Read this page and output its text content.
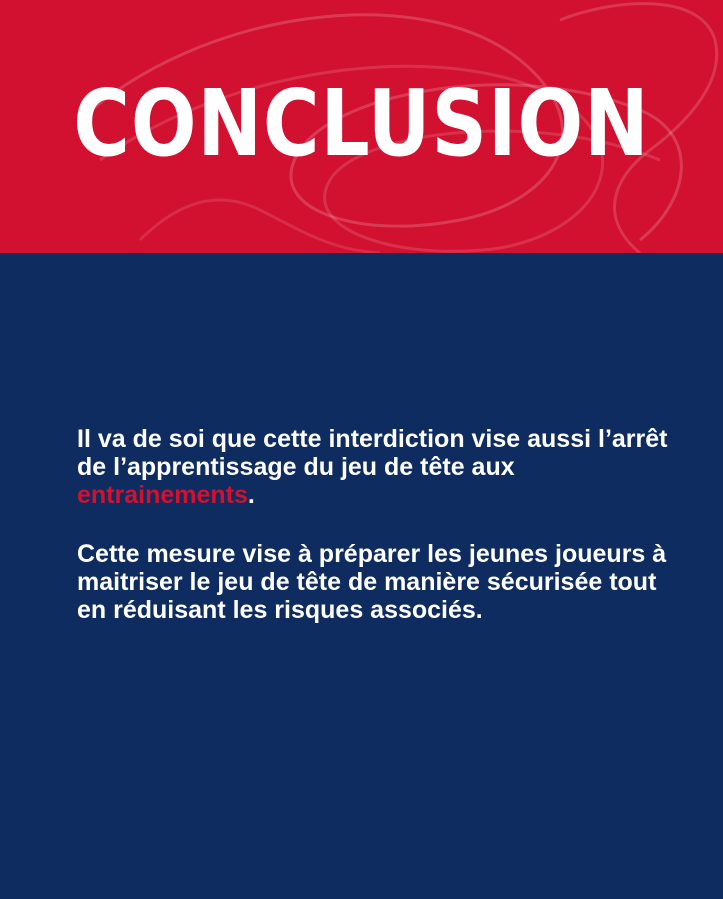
CONCLUSION

Il va de soi que cette interdiction vise aussi l’arrêt de l’apprentissage du jeu de tête aux entrainements.

Cette mesure vise à préparer les jeunes joueurs à maitriser le jeu de tête de manière sécurisée tout en réduisant les risques associés.
